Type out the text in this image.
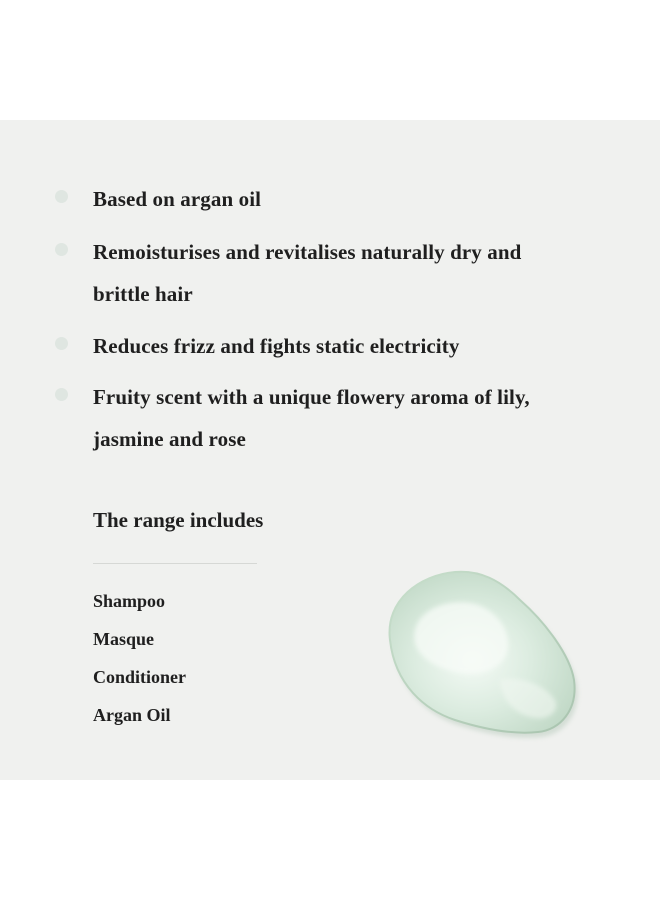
Based on argan oil
Remoisturises and revitalises naturally dry and brittle hair
Reduces frizz and fights static electricity
Fruity scent with a unique flowery aroma of lily, jasmine and rose
The range includes
Shampoo
Masque
Conditioner
Argan Oil
